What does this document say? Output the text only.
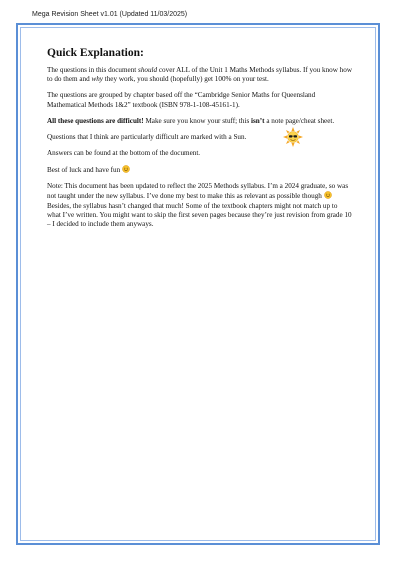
Mega Revision Sheet v1.01 (Updated 11/03/2025)
Quick Explanation:

The questions in this document should cover ALL of the Unit 1 Maths Methods syllabus. If you know how to do them and why they work, you should (hopefully) get 100% on your test.

The questions are grouped by chapter based off the “Cambridge Senior Maths for Queensland Mathematical Methods 1&2” textbook (ISBN 978-1-108-45161-1).

All these questions are difficult! Make sure you know your stuff; this isn’t a note page/cheat sheet.

Questions that I think are particularly difficult are marked with a Sun.

Answers can be found at the bottom of the document.

Best of luck and have fun

Note: This document has been updated to reflect the 2025 Methods syllabus. I’m a 2024 graduate, so was not taught under the new syllabus. I’ve done my best to make this as relevant as possible though  Besides, the syllabus hasn’t changed that much! Some of the textbook chapters might not match up to what I’ve written. You might want to skip the first seven pages because they’re just revision from grade 10 – I decided to include them anyways.
